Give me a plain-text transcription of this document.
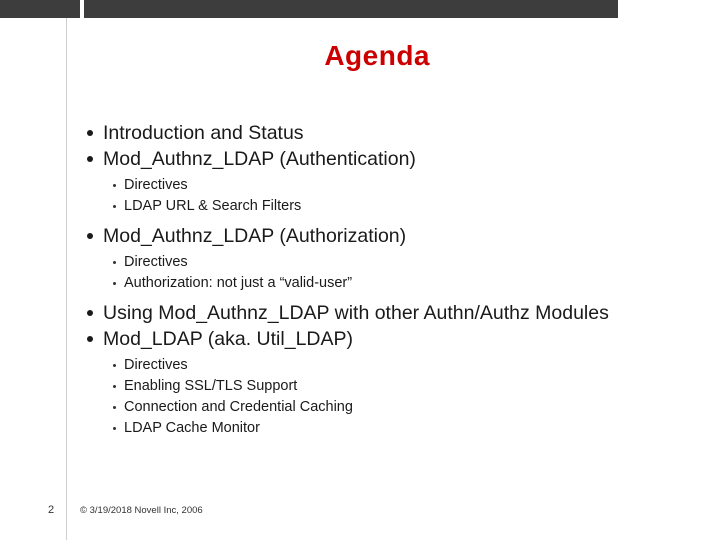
Agenda
Introduction and Status
Mod_Authnz_LDAP (Authentication)
Directives
LDAP URL & Search Filters
Mod_Authnz_LDAP (Authorization)
Directives
Authorization: not just a “valid-user”
Using Mod_Authnz_LDAP with other Authn/Authz Modules
Mod_LDAP (aka. Util_LDAP)
Directives
Enabling SSL/TLS Support
Connection and Credential Caching
LDAP Cache Monitor
2	© 3/19/2018 Novell Inc, 2006
